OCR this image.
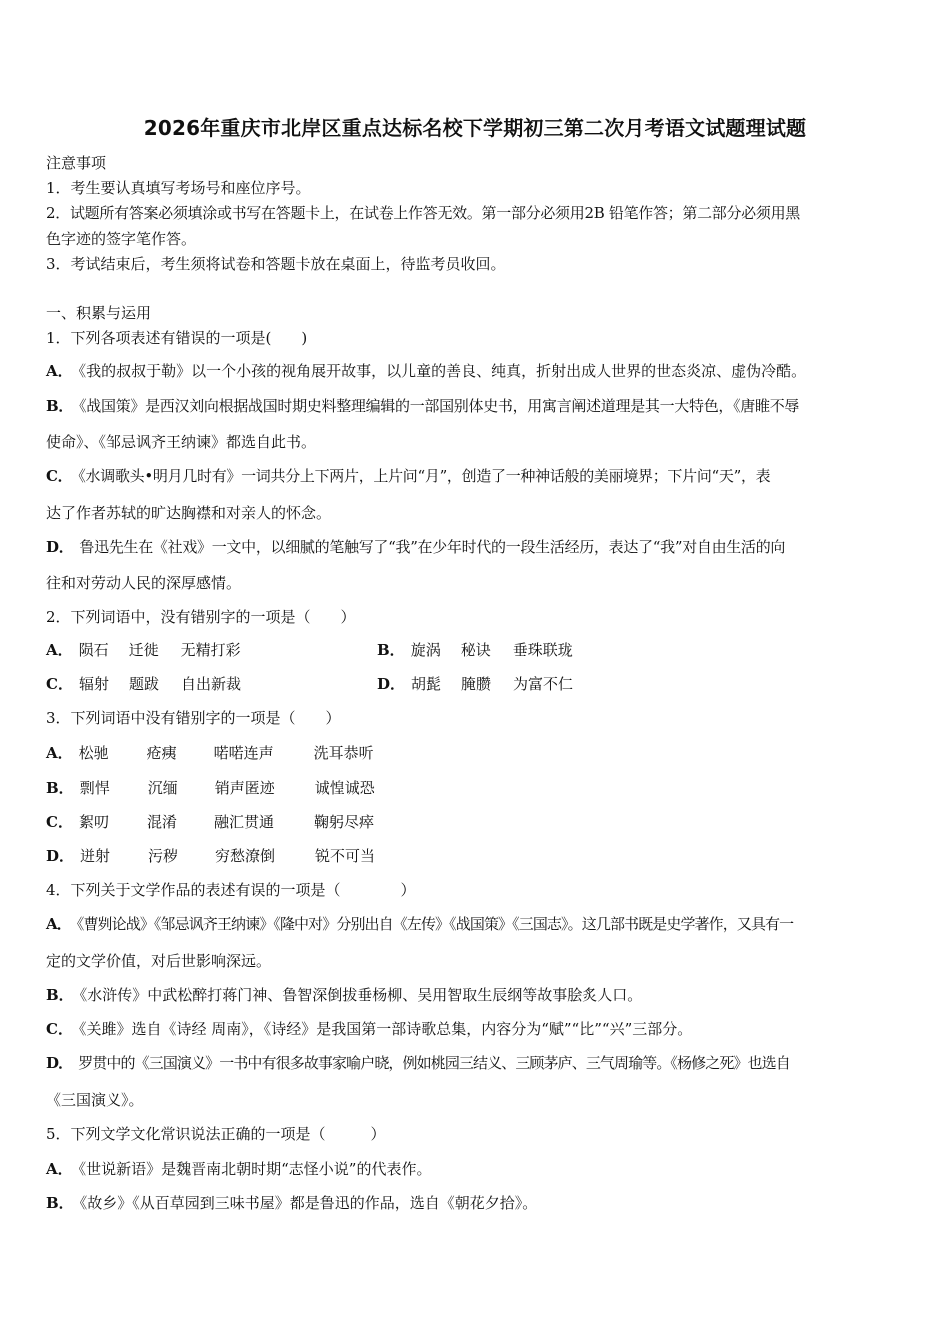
2026年重庆市北岸区重点达标名校下学期初三第二次月考语文试题理试题
注意事项
1．考生要认真填写考场号和座位序号。
2．试题所有答案必须填涂或书写在答题卡上，在试卷上作答无效。第一部分必须用2B 铅笔作答；第二部分必须用黑
色字迹的签字笔作答。
3．考试结束后，考生须将试卷和答题卡放在桌面上，待监考员收回。
一、积累与运用
1．下列各项表述有错误的一项是(　　)
A． 《我的叔叔于勒》以一个小孩的视角展开故事，以儿童的善良、纯真，折射出成人世界的世态炎凉、虚伪冷酷。
B． 《战国策》是西汉刘向根据战国时期史料整理编辑的一部国别体史书，用寓言阐述道理是其一大特色，《唐睢不辱
使命》、《邹忌讽齐王纳谏》都选自此书。
C． 《水调歌头•明月几时有》一词共分上下两片，上片问“月”，创造了一种神话般的美丽境界；下片问“天”，表
达了作者苏轼的旷达胸襟和对亲人的怀念。
D． 鲁迅先生在《社戏》一文中，以细腻的笔触写了“我”在少年时代的一段生活经历，表达了“我”对自由生活的向
往和对劳动人民的深厚感情。
2．下列词语中，没有错别字的一项是（　　）
A． 陨石 迁徙 无精打彩	B． 旋涡 秘诀 垂珠联珑
C． 辐射 题跋 自出新裁	D． 胡髭 腌臜 为富不仁
3．下列词语中没有错别字的一项是（　　）
A． 松驰	疮痍 喏喏连声	洗耳恭听
B． 剽悍	沉缅 销声匿迹	诚惶诚恐
C． 絮叨	混淆 融汇贯通	鞠躬尽瘁
D． 迸射	污秽 穷愁潦倒	锐不可当
4．下列关于文学作品的表述有误的一项是（　　　　）
A． 《曹刿论战》《邹忌讽齐王纳谏》《隆中对》分别出自《左传》《战国策》《三国志》。这几部书既是史学著作，又具有一
定的文学价值，对后世影响深远。
B． 《水浒传》中武松醉打蒋门神、鲁智深倒拔垂杨柳、吴用智取生辰纲等故事脍炙人口。
C． 《关雎》选自《诗经 周南》，《诗经》是我国第一部诗歌总集，内容分为“赋”“比”“兴”三部分。
D． 罗贯中的《三国演义》一书中有很多故事家喻户晓，例如桃园三结义、三顾茅庐、三气周瑜等。《杨修之死》也选自
《三国演义》。
5．下列文学文化常识说法正确的一项是（　　　）
A． 《世说新语》是魏晋南北朝时期“志怪小说”的代表作。
B． 《故乡》《从百草园到三味书屋》都是鲁迅的作品，选自《朝花夕拾》。
